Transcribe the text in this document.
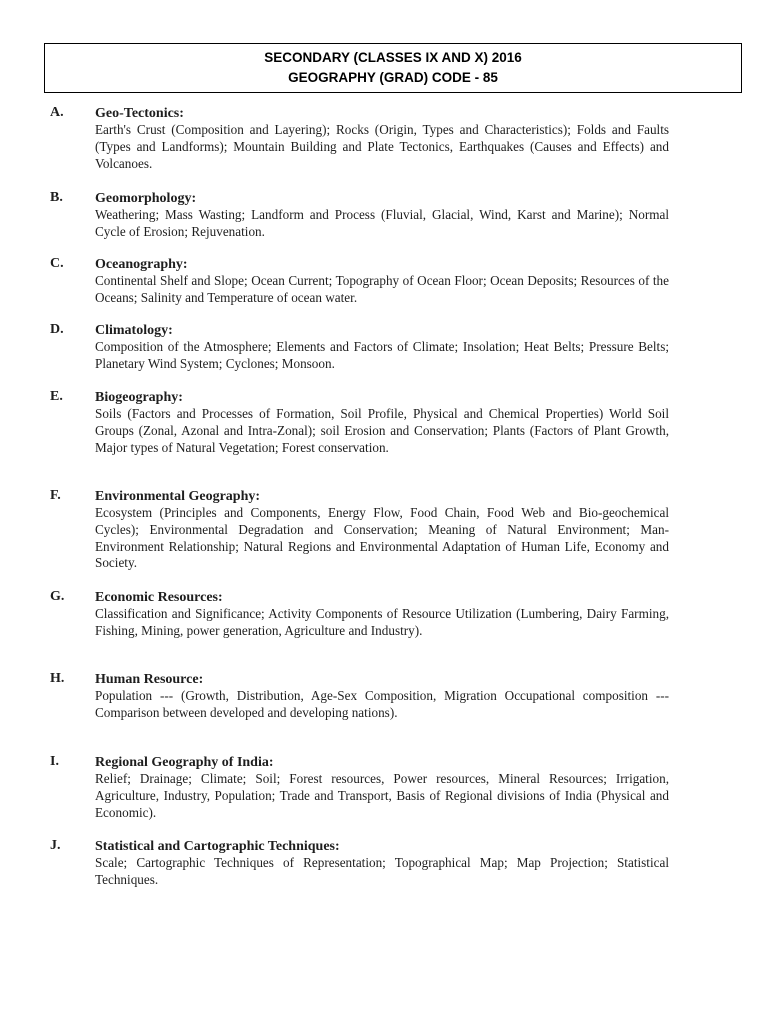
SECONDARY (CLASSES IX AND X) 2016
GEOGRAPHY (GRAD) CODE - 85
A. Geo-Tectonics:

Earth's Crust (Composition and Layering); Rocks (Origin, Types and Characteristics); Folds and Faults (Types and Landforms); Mountain Building and Plate Tectonics, Earthquakes (Causes and Effects) and Volcanoes.

B. Geomorphology:

Weathering; Mass Wasting; Landform and Process (Fluvial, Glacial, Wind, Karst and Marine); Normal Cycle of Erosion; Rejuvenation.

C. Oceanography:

Continental Shelf and Slope; Ocean Current; Topography of Ocean Floor; Ocean Deposits; Resources of the Oceans; Salinity and Temperature of ocean water.

D. Climatology:

Composition of the Atmosphere; Elements and Factors of Climate; Insolation; Heat Belts; Pressure Belts; Planetary Wind System; Cyclones; Monsoon.

E. Biogeography:

Soils (Factors and Processes of Formation, Soil Profile, Physical and Chemical Properties) World Soil Groups (Zonal, Azonal and Intra-Zonal); soil Erosion and Conservation; Plants (Factors of Plant Growth, Major types of Natural Vegetation; Forest conservation.

F. Environmental Geography:

Ecosystem (Principles and Components, Energy Flow, Food Chain, Food Web and Bio-geochemical Cycles); Environmental Degradation and Conservation; Meaning of Natural Environment; Man-Environment Relationship; Natural Regions and Environmental Adaptation of Human Life, Economy and Society.

G. Economic Resources:

Classification and Significance; Activity Components of Resource Utilization (Lumbering, Dairy Farming, Fishing, Mining, power generation, Agriculture and Industry).

H. Human Resource:

Population --- (Growth, Distribution, Age-Sex Composition, Migration Occupational composition --- Comparison between developed and developing nations).

I.	Regional Geography of India:

Relief; Drainage; Climate; Soil; Forest resources, Power resources, Mineral Resources; Irrigation, Agriculture, Industry, Population; Trade and Transport, Basis of Regional divisions of India (Physical and Economic).

J. Statistical and Cartographic Techniques:

Scale; Cartographic Techniques of Representation; Topographical Map; Map Projection; Statistical Techniques.
